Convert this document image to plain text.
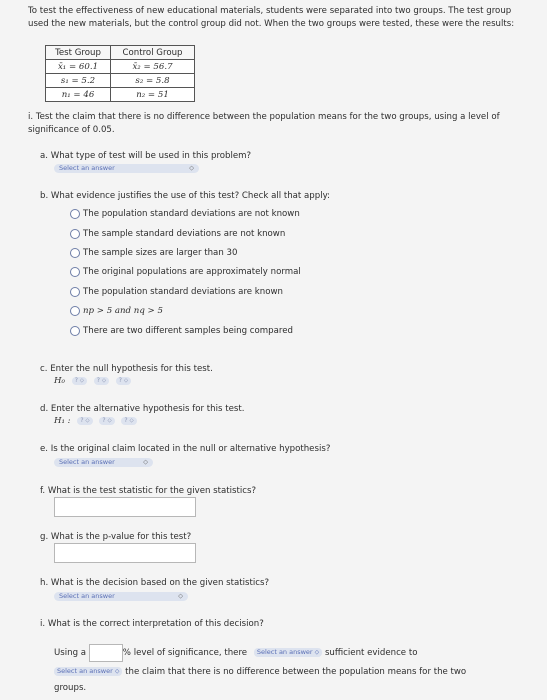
To test the effectiveness of new educational materials, students were separated into two groups. The test group used the new materials, but the control group did not. When the two groups were tested, these were the results:
Test Group	Control Group
x̄₁ = 60.1	x̄₂ = 56.7
s₁ = 5.2	s₂ = 5.8
n₁ = 46	n₂ = 51
i. Test the claim that there is no difference between the population means for the two groups, using a level of significance of 0.05.
a. What type of test will be used in this problem?
Select an answer	⬦
b. What evidence justifies the use of this test? Check all that apply:
The population standard deviations are not known
The sample standard deviations are not known
The sample sizes are larger than 30
The original populations are approximately normal
The population standard deviations are known
np > 5 and nq > 5
There are two different samples being compared
c. Enter the null hypothesis for this test.
H₀ ? ⬦ ? ⬦ ? ⬦
d. Enter the alternative hypothesis for this test.
H₁ : ? ⬦ ? ⬦ ? ⬦
e. Is the original claim located in the null or alternative hypothesis?
Select an answer	⬦
f. What is the test statistic for the given statistics?
g. What is the p-value for this test?
h. What is the decision based on the given statistics?
Select an answer	⬦
i. What is the correct interpretation of this decision?
Using a	% level of significance, there Select an answer ⬦ sufficient evidence to
Select an answer ⬦ the claim that there is no difference between the population means for the two
groups.
